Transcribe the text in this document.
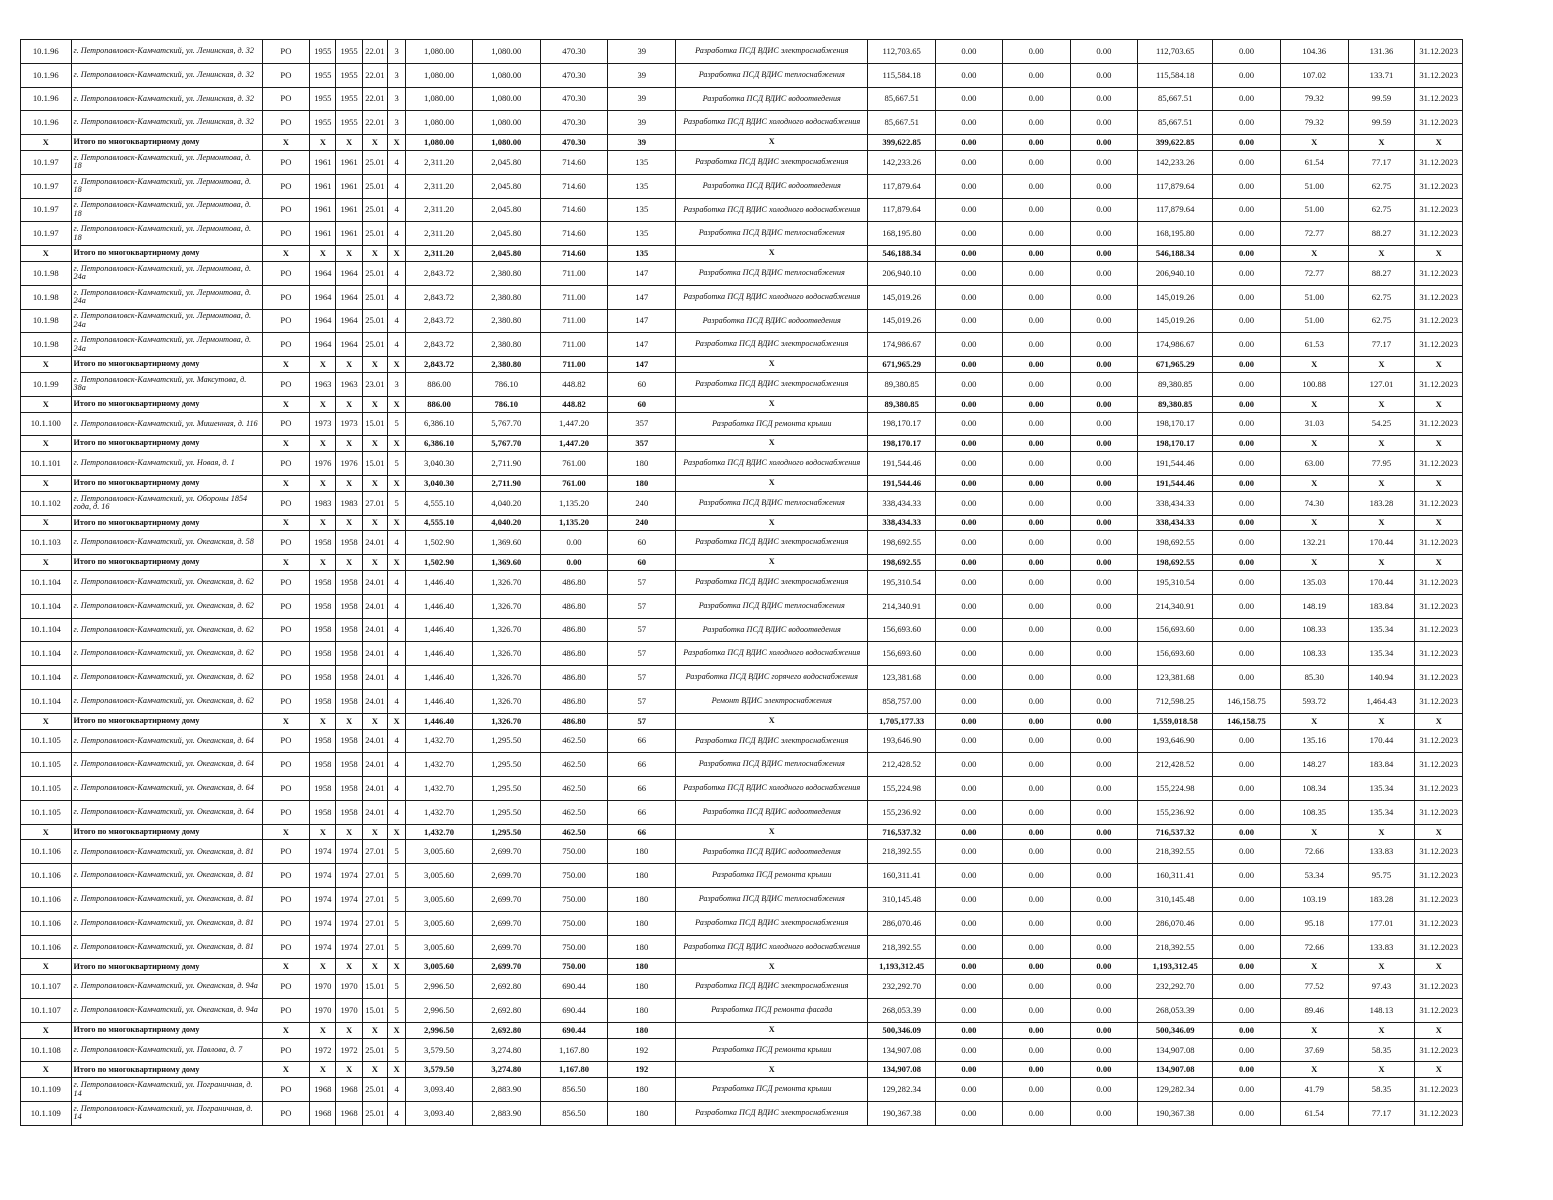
10.1.96	г. Петропавловск-Камчатский, ул. Ленинская, д. 32	РО	1955	1955	22.01	3	1,080.00	1,080.00	470.30	39	Разработка ПСД ВДИС электроснабжения	112,703.65	0.00	0.00	0.00	112,703.65	0.00	104.36	131.36	31.12.2023
10.1.96	г. Петропавловск-Камчатский, ул. Ленинская, д. 32	РО	1955	1955	22.01	3	1,080.00	1,080.00	470.30	39	Разработка ПСД ВДИС теплоснабжения	115,584.18	0.00	0.00	0.00	115,584.18	0.00	107.02	133.71	31.12.2023
10.1.96	г. Петропавловск-Камчатский, ул. Ленинская, д. 32	РО	1955	1955	22.01	3	1,080.00	1,080.00	470.30	39	Разработка ПСД ВДИС водоотведения	85,667.51	0.00	0.00	0.00	85,667.51	0.00	79.32	99.59	31.12.2023
10.1.96	г. Петропавловск-Камчатский, ул. Ленинская, д. 32	РО	1955	1955	22.01	3	1,080.00	1,080.00	470.30	39	Разработка ПСД ВДИС холодного водоснабжения	85,667.51	0.00	0.00	0.00	85,667.51	0.00	79.32	99.59	31.12.2023
X	Итого по многоквартирному дому	X	X	X	X	X	1,080.00	1,080.00	470.30	39	X	399,622.85	0.00	0.00	0.00	399,622.85	0.00	X	X	X
10.1.97	г. Петропавловск-Камчатский, ул. Лермонтова, д. 18	РО	1961	1961	25.01	4	2,311.20	2,045.80	714.60	135	Разработка ПСД ВДИС электроснабжения	142,233.26	0.00	0.00	0.00	142,233.26	0.00	61.54	77.17	31.12.2023
10.1.97	г. Петропавловск-Камчатский, ул. Лермонтова, д. 18	РО	1961	1961	25.01	4	2,311.20	2,045.80	714.60	135	Разработка ПСД ВДИС водоотведения	117,879.64	0.00	0.00	0.00	117,879.64	0.00	51.00	62.75	31.12.2023
10.1.97	г. Петропавловск-Камчатский, ул. Лермонтова, д. 18	РО	1961	1961	25.01	4	2,311.20	2,045.80	714.60	135	Разработка ПСД ВДИС холодного водоснабжения	117,879.64	0.00	0.00	0.00	117,879.64	0.00	51.00	62.75	31.12.2023
10.1.97	г. Петропавловск-Камчатский, ул. Лермонтова, д. 18	РО	1961	1961	25.01	4	2,311.20	2,045.80	714.60	135	Разработка ПСД ВДИС теплоснабжения	168,195.80	0.00	0.00	0.00	168,195.80	0.00	72.77	88.27	31.12.2023
X	Итого по многоквартирному дому	X	X	X	X	X	2,311.20	2,045.80	714.60	135	X	546,188.34	0.00	0.00	0.00	546,188.34	0.00	X	X	X
10.1.98	г. Петропавловск-Камчатский, ул. Лермонтова, д. 24а	РО	1964	1964	25.01	4	2,843.72	2,380.80	711.00	147	Разработка ПСД ВДИС теплоснабжения	206,940.10	0.00	0.00	0.00	206,940.10	0.00	72.77	88.27	31.12.2023
10.1.98	г. Петропавловск-Камчатский, ул. Лермонтова, д. 24а	РО	1964	1964	25.01	4	2,843.72	2,380.80	711.00	147	Разработка ПСД ВДИС холодного водоснабжения	145,019.26	0.00	0.00	0.00	145,019.26	0.00	51.00	62.75	31.12.2023
10.1.98	г. Петропавловск-Камчатский, ул. Лермонтова, д. 24а	РО	1964	1964	25.01	4	2,843.72	2,380.80	711.00	147	Разработка ПСД ВДИС водоотведения	145,019.26	0.00	0.00	0.00	145,019.26	0.00	51.00	62.75	31.12.2023
10.1.98	г. Петропавловск-Камчатский, ул. Лермонтова, д. 24а	РО	1964	1964	25.01	4	2,843.72	2,380.80	711.00	147	Разработка ПСД ВДИС электроснабжения	174,986.67	0.00	0.00	0.00	174,986.67	0.00	61.53	77.17	31.12.2023
X	Итого по многоквартирному дому	X	X	X	X	X	2,843.72	2,380.80	711.00	147	X	671,965.29	0.00	0.00	0.00	671,965.29	0.00	X	X	X
10.1.99	г. Петропавловск-Камчатский, ул. Максутова, д. 38а	РО	1963	1963	23.01	3	886.00	786.10	448.82	60	Разработка ПСД ВДИС электроснабжения	89,380.85	0.00	0.00	0.00	89,380.85	0.00	100.88	127.01	31.12.2023
X	Итого по многоквартирному дому	X	X	X	X	X	886.00	786.10	448.82	60	X	89,380.85	0.00	0.00	0.00	89,380.85	0.00	X	X	X
10.1.100	г. Петропавловск-Камчатский, ул. Мишенная, д. 116	РО	1973	1973	15.01	5	6,386.10	5,767.70	1,447.20	357	Разработка ПСД ремонта крыши	198,170.17	0.00	0.00	0.00	198,170.17	0.00	31.03	54.25	31.12.2023
X	Итого по многоквартирному дому	X	X	X	X	X	6,386.10	5,767.70	1,447.20	357	X	198,170.17	0.00	0.00	0.00	198,170.17	0.00	X	X	X
10.1.101	г. Петропавловск-Камчатский, ул. Новая, д. 1	РО	1976	1976	15.01	5	3,040.30	2,711.90	761.00	180	Разработка ПСД ВДИС холодного водоснабжения	191,544.46	0.00	0.00	0.00	191,544.46	0.00	63.00	77.95	31.12.2023
X	Итого по многоквартирному дому	X	X	X	X	X	3,040.30	2,711.90	761.00	180	X	191,544.46	0.00	0.00	0.00	191,544.46	0.00	X	X	X
10.1.102	г. Петропавловск-Камчатский, ул. Обороны 1854 года, д. 16	РО	1983	1983	27.01	5	4,555.10	4,040.20	1,135.20	240	Разработка ПСД ВДИС теплоснабжения	338,434.33	0.00	0.00	0.00	338,434.33	0.00	74.30	183.28	31.12.2023
X	Итого по многоквартирному дому	X	X	X	X	X	4,555.10	4,040.20	1,135.20	240	X	338,434.33	0.00	0.00	0.00	338,434.33	0.00	X	X	X
10.1.103	г. Петропавловск-Камчатский, ул. Океанская, д. 58	РО	1958	1958	24.01	4	1,502.90	1,369.60	0.00	60	Разработка ПСД ВДИС электроснабжения	198,692.55	0.00	0.00	0.00	198,692.55	0.00	132.21	170.44	31.12.2023
X	Итого по многоквартирному дому	X	X	X	X	X	1,502.90	1,369.60	0.00	60	X	198,692.55	0.00	0.00	0.00	198,692.55	0.00	X	X	X
10.1.104	г. Петропавловск-Камчатский, ул. Океанская, д. 62	РО	1958	1958	24.01	4	1,446.40	1,326.70	486.80	57	Разработка ПСД ВДИС электроснабжения	195,310.54	0.00	0.00	0.00	195,310.54	0.00	135.03	170.44	31.12.2023
10.1.104	г. Петропавловск-Камчатский, ул. Океанская, д. 62	РО	1958	1958	24.01	4	1,446.40	1,326.70	486.80	57	Разработка ПСД ВДИС теплоснабжения	214,340.91	0.00	0.00	0.00	214,340.91	0.00	148.19	183.84	31.12.2023
10.1.104	г. Петропавловск-Камчатский, ул. Океанская, д. 62	РО	1958	1958	24.01	4	1,446.40	1,326.70	486.80	57	Разработка ПСД ВДИС водоотведения	156,693.60	0.00	0.00	0.00	156,693.60	0.00	108.33	135.34	31.12.2023
10.1.104	г. Петропавловск-Камчатский, ул. Океанская, д. 62	РО	1958	1958	24.01	4	1,446.40	1,326.70	486.80	57	Разработка ПСД ВДИС холодного водоснабжения	156,693.60	0.00	0.00	0.00	156,693.60	0.00	108.33	135.34	31.12.2023
10.1.104	г. Петропавловск-Камчатский, ул. Океанская, д. 62	РО	1958	1958	24.01	4	1,446.40	1,326.70	486.80	57	Разработка ПСД ВДИС горячего водоснабжения	123,381.68	0.00	0.00	0.00	123,381.68	0.00	85.30	140.94	31.12.2023
10.1.104	г. Петропавловск-Камчатский, ул. Океанская, д. 62	РО	1958	1958	24.01	4	1,446.40	1,326.70	486.80	57	Ремонт ВДИС электроснабжения	858,757.00	0.00	0.00	0.00	712,598.25	146,158.75	593.72	1,464.43	31.12.2023
X	Итого по многоквартирному дому	X	X	X	X	X	1,446.40	1,326.70	486.80	57	X	1,705,177.33	0.00	0.00	0.00	1,559,018.58	146,158.75	X	X	X
10.1.105	г. Петропавловск-Камчатский, ул. Океанская, д. 64	РО	1958	1958	24.01	4	1,432.70	1,295.50	462.50	66	Разработка ПСД ВДИС электроснабжения	193,646.90	0.00	0.00	0.00	193,646.90	0.00	135.16	170.44	31.12.2023
10.1.105	г. Петропавловск-Камчатский, ул. Океанская, д. 64	РО	1958	1958	24.01	4	1,432.70	1,295.50	462.50	66	Разработка ПСД ВДИС теплоснабжения	212,428.52	0.00	0.00	0.00	212,428.52	0.00	148.27	183.84	31.12.2023
10.1.105	г. Петропавловск-Камчатский, ул. Океанская, д. 64	РО	1958	1958	24.01	4	1,432.70	1,295.50	462.50	66	Разработка ПСД ВДИС холодного водоснабжения	155,224.98	0.00	0.00	0.00	155,224.98	0.00	108.34	135.34	31.12.2023
10.1.105	г. Петропавловск-Камчатский, ул. Океанская, д. 64	РО	1958	1958	24.01	4	1,432.70	1,295.50	462.50	66	Разработка ПСД ВДИС водоотведения	155,236.92	0.00	0.00	0.00	155,236.92	0.00	108.35	135.34	31.12.2023
X	Итого по многоквартирному дому	X	X	X	X	X	1,432.70	1,295.50	462.50	66	X	716,537.32	0.00	0.00	0.00	716,537.32	0.00	X	X	X
10.1.106	г. Петропавловск-Камчатский, ул. Океанская, д. 81	РО	1974	1974	27.01	5	3,005.60	2,699.70	750.00	180	Разработка ПСД ВДИС водоотведения	218,392.55	0.00	0.00	0.00	218,392.55	0.00	72.66	133.83	31.12.2023
10.1.106	г. Петропавловск-Камчатский, ул. Океанская, д. 81	РО	1974	1974	27.01	5	3,005.60	2,699.70	750.00	180	Разработка ПСД ремонта крыши	160,311.41	0.00	0.00	0.00	160,311.41	0.00	53.34	95.75	31.12.2023
10.1.106	г. Петропавловск-Камчатский, ул. Океанская, д. 81	РО	1974	1974	27.01	5	3,005.60	2,699.70	750.00	180	Разработка ПСД ВДИС теплоснабжения	310,145.48	0.00	0.00	0.00	310,145.48	0.00	103.19	183.28	31.12.2023
10.1.106	г. Петропавловск-Камчатский, ул. Океанская, д. 81	РО	1974	1974	27.01	5	3,005.60	2,699.70	750.00	180	Разработка ПСД ВДИС электроснабжения	286,070.46	0.00	0.00	0.00	286,070.46	0.00	95.18	177.01	31.12.2023
10.1.106	г. Петропавловск-Камчатский, ул. Океанская, д. 81	РО	1974	1974	27.01	5	3,005.60	2,699.70	750.00	180	Разработка ПСД ВДИС холодного водоснабжения	218,392.55	0.00	0.00	0.00	218,392.55	0.00	72.66	133.83	31.12.2023
X	Итого по многоквартирному дому	X	X	X	X	X	3,005.60	2,699.70	750.00	180	X	1,193,312.45	0.00	0.00	0.00	1,193,312.45	0.00	X	X	X
10.1.107	г. Петропавловск-Камчатский, ул. Океанская, д. 94а	РО	1970	1970	15.01	5	2,996.50	2,692.80	690.44	180	Разработка ПСД ВДИС электроснабжения	232,292.70	0.00	0.00	0.00	232,292.70	0.00	77.52	97.43	31.12.2023
10.1.107	г. Петропавловск-Камчатский, ул. Океанская, д. 94а	РО	1970	1970	15.01	5	2,996.50	2,692.80	690.44	180	Разработка ПСД ремонта фасада	268,053.39	0.00	0.00	0.00	268,053.39	0.00	89.46	148.13	31.12.2023
X	Итого по многоквартирному дому	X	X	X	X	X	2,996.50	2,692.80	690.44	180	X	500,346.09	0.00	0.00	0.00	500,346.09	0.00	X	X	X
10.1.108	г. Петропавловск-Камчатский, ул. Павлова, д. 7	РО	1972	1972	25.01	5	3,579.50	3,274.80	1,167.80	192	Разработка ПСД ремонта крыши	134,907.08	0.00	0.00	0.00	134,907.08	0.00	37.69	58.35	31.12.2023
X	Итого по многоквартирному дому	X	X	X	X	X	3,579.50	3,274.80	1,167.80	192	X	134,907.08	0.00	0.00	0.00	134,907.08	0.00	X	X	X
10.1.109	г. Петропавловск-Камчатский, ул. Пограничная, д. 14	РО	1968	1968	25.01	4	3,093.40	2,883.90	856.50	180	Разработка ПСД ремонта крыши	129,282.34	0.00	0.00	0.00	129,282.34	0.00	41.79	58.35	31.12.2023
10.1.109	г. Петропавловск-Камчатский, ул. Пограничная, д. 14	РО	1968	1968	25.01	4	3,093.40	2,883.90	856.50	180	Разработка ПСД ВДИС электроснабжения	190,367.38	0.00	0.00	0.00	190,367.38	0.00	61.54	77.17	31.12.2023
